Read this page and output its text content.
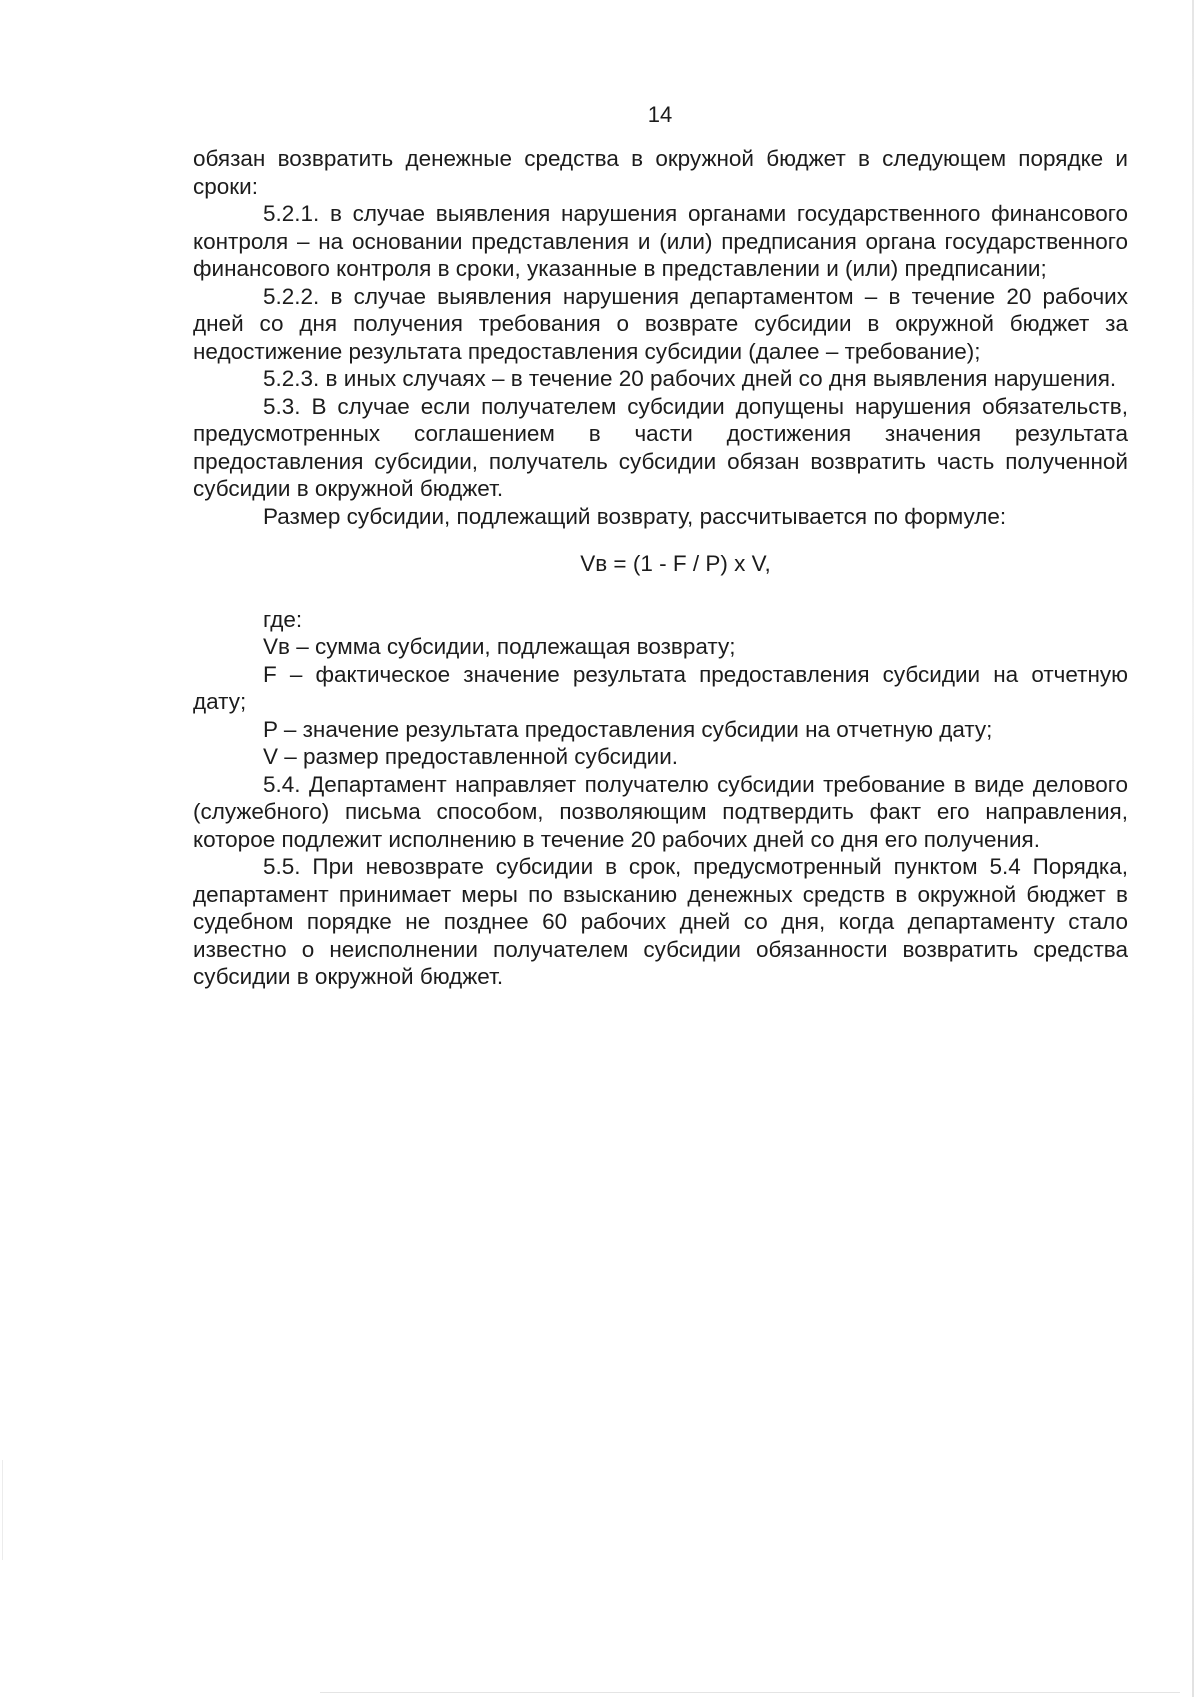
14

обязан возвратить денежные средства в окружной бюджет в следующем порядке и сроки:

5.2.1. в случае выявления нарушения органами государственного финансового контроля – на основании представления и (или) предписания органа государственного финансового контроля в сроки, указанные в представлении и (или) предписании;

5.2.2. в случае выявления нарушения департаментом – в течение 20 рабочих дней со дня получения требования о возврате субсидии в окружной бюджет за недостижение результата предоставления субсидии (далее – требование);

5.2.3. в иных случаях – в течение 20 рабочих дней со дня выявления нарушения.

5.3. В случае если получателем субсидии допущены нарушения обязательств, предусмотренных соглашением в части достижения значения результата предоставления субсидии, получатель субсидии обязан возвратить часть полученной субсидии в окружной бюджет.

Размер субсидии, подлежащий возврату, рассчитывается по формуле:

Vв = (1 - F / P) x V,

где:

Vв – сумма субсидии, подлежащая возврату;

F – фактическое значение результата предоставления субсидии на отчетную дату;

P – значение результата предоставления субсидии на отчетную дату;

V – размер предоставленной субсидии.

5.4. Департамент направляет получателю субсидии требование в виде делового (служебного) письма способом, позволяющим подтвердить факт его направления, которое подлежит исполнению в течение 20 рабочих дней со дня его получения.

5.5. При невозврате субсидии в срок, предусмотренный пунктом 5.4 Порядка, департамент принимает меры по взысканию денежных средств в окружной бюджет в судебном порядке не позднее 60 рабочих дней со дня, когда департаменту стало известно о неисполнении получателем субсидии обязанности возвратить средства субсидии в окружной бюджет.
